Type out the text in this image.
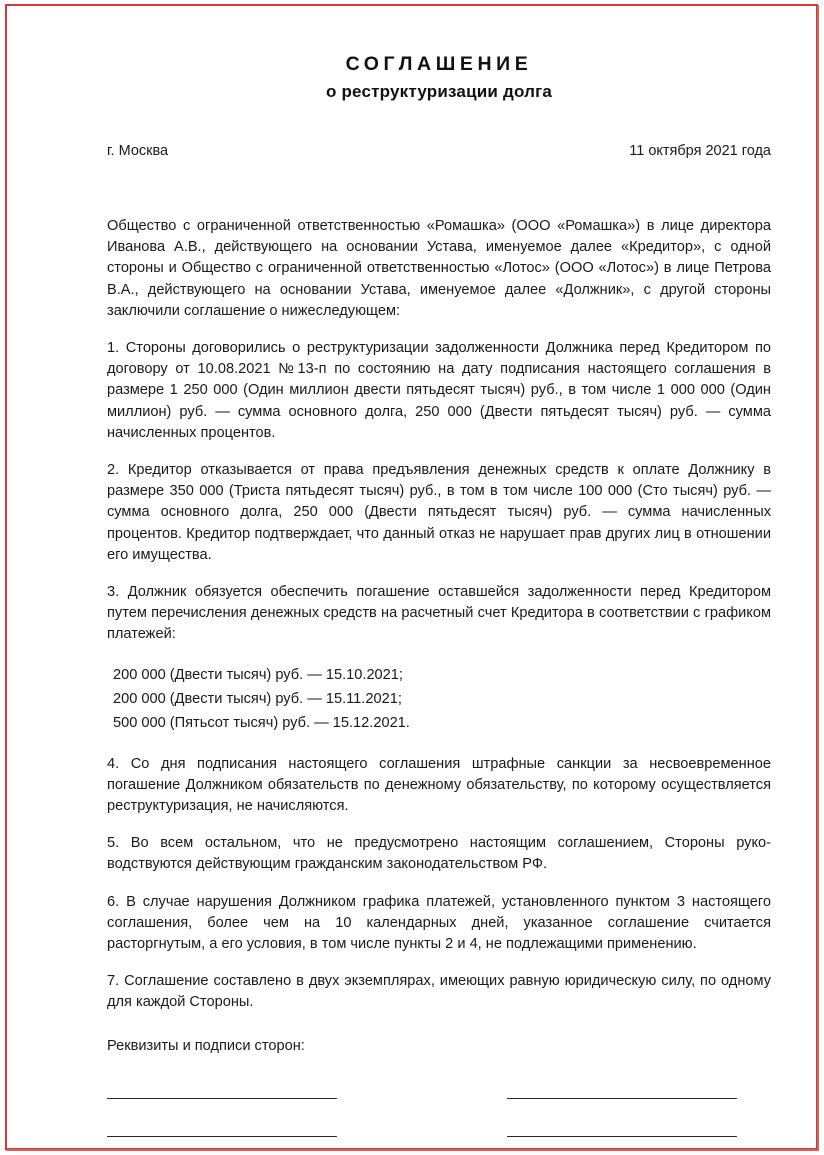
СОГЛАШЕНИЕ
о реструктуризации долга
г. Москва	11 октября 2021 года

Общество с ограниченной ответственностью «Ромашка» (ООО «Ромашка») в лице директора Иванова А.В., действующего на основании Устава, именуемое далее «Кредитор», с одной стороны и Общество с ограниченной ответственностью «Лотос» (ООО «Лотос») в лице Петрова В.А., действующего на основании Устава, именуемое далее «Должник», с другой стороны заключили соглашение о нижеследующем:

1. Стороны договорились о реструктуризации задолженности Должника перед Кредитором по договору от 10.08.2021 №13-п по состоянию на дату подписания настоящего соглашения в размере 1 250 000 (Один миллион двести пятьдесят тысяч) руб., в том числе 1 000 000 (Один миллион) руб. — сумма основного долга, 250 000 (Двести пятьдесят тысяч) руб. — сумма начисленных процентов.

2. Кредитор отказывается от права предъявления денежных средств к оплате Должнику в размере 350 000 (Триста пятьдесят тысяч) руб., в том в том числе 100 000 (Сто тысяч) руб. — сумма основного долга, 250 000 (Двести пятьдесят тысяч) руб. — сумма начисленных процентов. Кредитор подтверждает, что данный отказ не нарушает прав других лиц в отношении его имущества.

3. Должник обязуется обеспечить погашение оставшейся задолженности перед Кредитором путем перечисления денежных средств на расчетный счет Кредитора в соответствии с графиком платежей:

200 000 (Двести тысяч) руб. — 15.10.2021;
200 000 (Двести тысяч) руб. — 15.11.2021;
500 000 (Пятьсот тысяч) руб. — 15.12.2021.

4. Со дня подписания настоящего соглашения штрафные санкции за несвоевременное погашение Должником обязательств по денежному обязательству, по которому осуществляется реструктуризация, не начисляются.

5. Во всем остальном, что не предусмотрено настоящим соглашением, Стороны руководствуются действующим гражданским законодательством РФ.

6. В случае нарушения Должником графика платежей, установленного пунктом 3 настоящего соглашения, более чем на 10 календарных дней, указанное соглашение считается расторгнутым, а его условия, в том числе пункты 2 и 4, не подлежащими применению.

7. Соглашение составлено в двух экземплярах, имеющих равную юридическую силу, по одному для каждой Стороны.

Реквизиты и подписи сторон:

_____________________________	_____________________________
_____________________________	_____________________________
